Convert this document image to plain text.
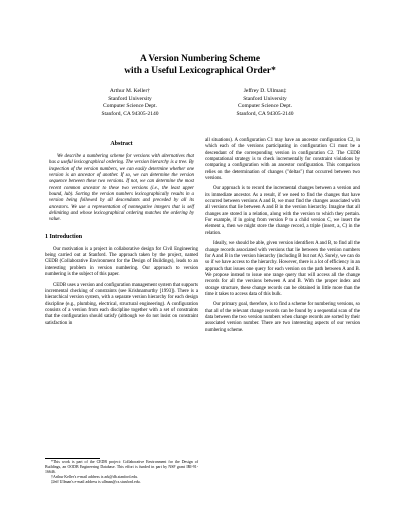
A Version Numbering Scheme
with a Useful Lexicographical Order*
Arthur M. Keller†
Stanford University
Computer Science Dept.
Stanford, CA 94305-2140
Jeffrey D. Ullman‡
Stanford University
Computer Science Dept.
Stanford, CA 94305-2140
Abstract

We describe a numbering scheme for versions with alternatives that has a useful lexicographical ordering. The version hierarchy is a tree. By inspection of the version numbers, we can easily determine whether one version is an ancestor of another. If so, we can determine the version sequence between these two versions. If not, we can determine the most recent common ancestor to these two versions (i.e., the least upper bound, lub). Sorting the version numbers lexicographically results in a version being followed by all descendants and preceded by all its ancestors. We use a representation of nonnegative integers that is self delimiting and whose lexicographical ordering matches the ordering by value.

1 Introduction

Our motivation is a project in collaborative design for Civil Engineering being carried out at Stanford. The approach taken by the project, named CEDB (Collaborative Environment for the Design of Buildings), leads to an interesting problem in version numbering. Our approach to version numbering is the subject of this paper.

CEDB uses a version and configuration management system that supports incremental checking of constraints (see Krishnamurthy [1993]). There is a hierarchical version system, with a separate version hierarchy for each design discipline (e.g., plumbing, electrical, structural engineering). A configuration consists of a version from each discipline together with a set of constraints that the configuration should satisfy (although we do not insist on constraint satisfaction in

*This work is part of the CEDB project: Collaborative Environment for the Design of Buildings, an OODB Engineering Database. This effort is funded in part by NSF grant IRI-91-16646.

†Arthur Keller's e-mail address is ark@db.stanford.edu.

‡Jeff Ullman's e-mail address is ullman@cs.stanford.edu.

all situations). A configuration C1 may have an ancestor configuration C2, in which each of the versions participating in configuration C1 must be a descendant of the corresponding version in configuration C2. The CEDB computational strategy is to check incrementally for constraint violations by comparing a configuration with an ancestor configuration. This comparison relies on the determination of changes ("deltas") that occurred between two versions.

Our approach is to record the incremental changes between a version and its immediate ancestor. As a result, if we need to find the changes that have occurred between versions A and B, we must find the changes associated with all versions that lie between A and B in the version hierarchy. Imagine that all changes are stored in a relation, along with the version to which they pertain. For example, if in going from version P to a child version C, we insert the element a, then we might store the change record, a triple (insert, a, C) in the relation.

Ideally, we should be able, given version identifiers A and B, to find all the change records associated with versions that lie between the version numbers for A and B in the version hierarchy (including B but not A). Surely, we can do so if we have access to the hierarchy. However, there is a lot of efficiency in an approach that issues one query for each version on the path between A and B. We propose instead to issue one range query that will access all the change records for all the versions between A and B. With the proper index and storage structure, these change records can be obtained in little more than the time it takes to access data of this bulk.

Our primary goal, therefore, is to find a scheme for numbering versions, so that all of the relevant change records can be found by a sequential scan of the data between the two version numbers when change records are sorted by their associated version number. There are two interesting aspects of our version numbering scheme.
